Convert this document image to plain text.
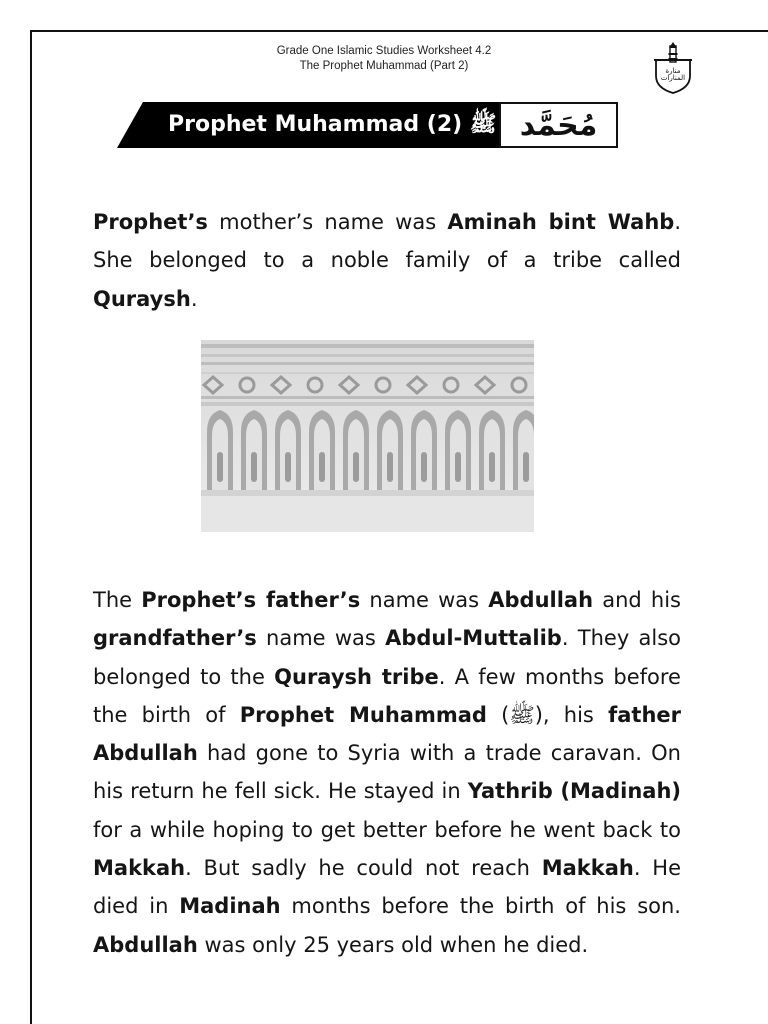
Grade One Islamic Studies Worksheet 4.2
The Prophet Muhammad (Part 2)	منارة
المنارات
Prophet Muhammad ﷺ (2) مُحَمَّد
Prophet’s mother’s name was Aminah bint Wahb. She belonged to a noble family of a tribe called Quraysh.
The Prophet’s father’s name was Abdullah and his grandfather’s name was Abdul-Muttalib. They also belonged to the Quraysh tribe. A few months before the birth of Prophet Muhammad (ﷺ), his father Abdullah had gone to Syria with a trade caravan. On his return he fell sick. He stayed in Yathrib (Madinah) for a while hoping to get better before he went back to Makkah. But sadly he could not reach Makkah. He died in Madinah months before the birth of his son. Abdullah was only 25 years old when he died.
